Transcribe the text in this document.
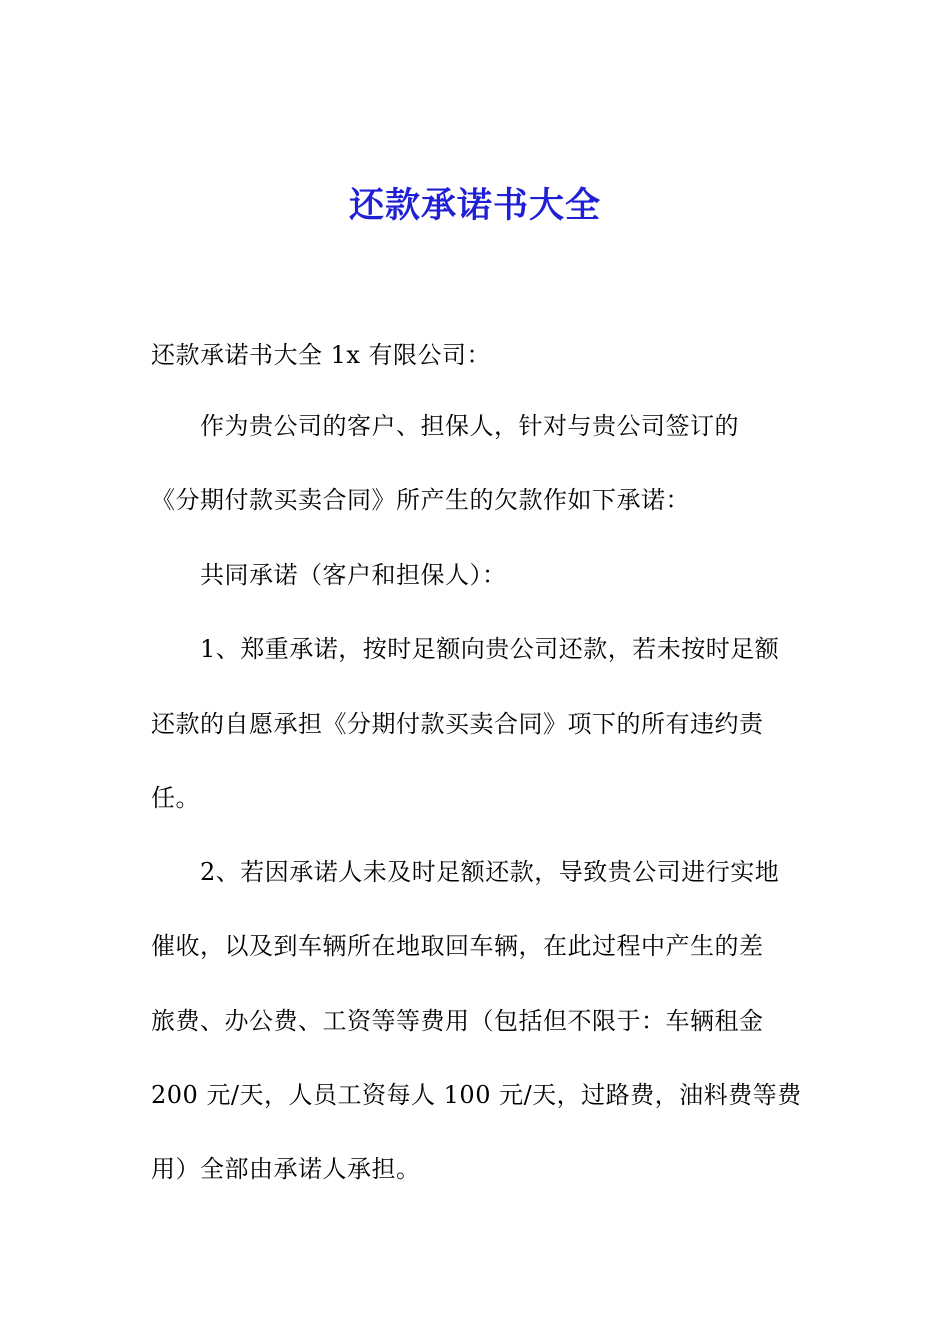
还款承诺书大全
还款承诺书大全 1x 有限公司：
作为贵公司的客户、担保人，针对与贵公司签订的
《分期付款买卖合同》所产生的欠款作如下承诺：
共同承诺（客户和担保人）：
1、郑重承诺，按时足额向贵公司还款，若未按时足额
还款的自愿承担《分期付款买卖合同》项下的所有违约责
任。
2、若因承诺人未及时足额还款，导致贵公司进行实地
催收，以及到车辆所在地取回车辆，在此过程中产生的差
旅费、办公费、工资等等费用（包括但不限于：车辆租金
200 元/天，人员工资每人 100 元/天，过路费，油料费等费
用）全部由承诺人承担。
